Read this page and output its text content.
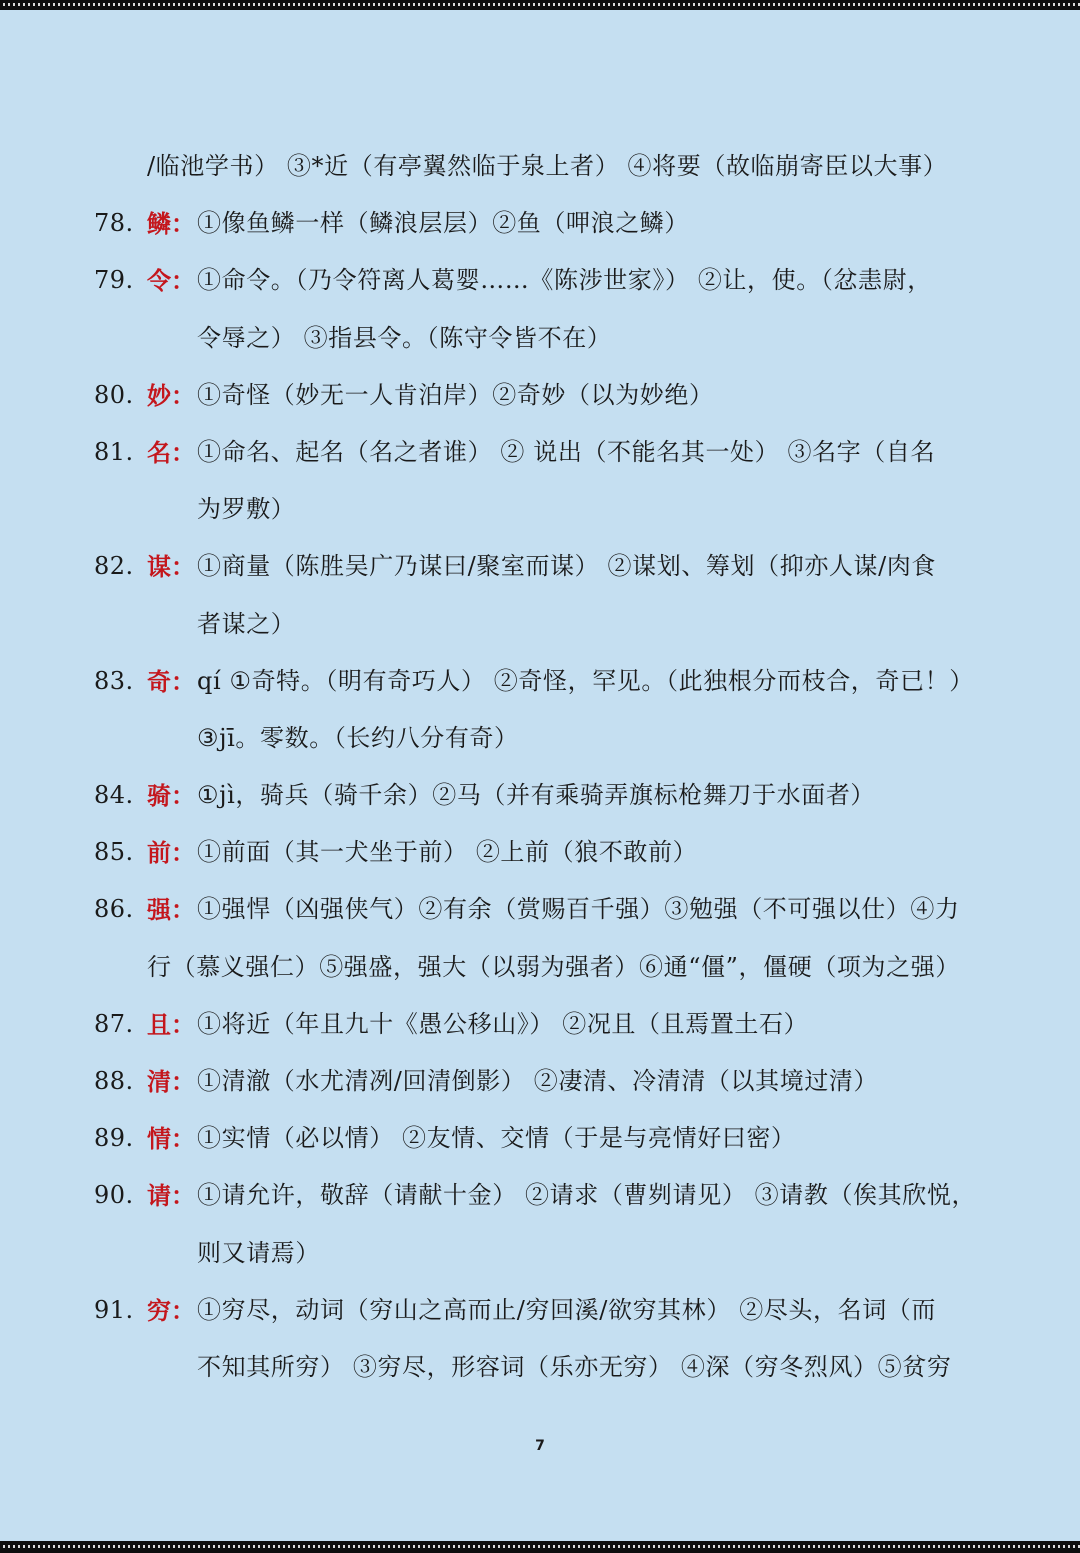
/临池学书） ③*近（有亭翼然临于泉上者） ④将要（故临崩寄臣以大事）
78. 鳞： ①像鱼鳞一样（鳞浪层层）②鱼（呷浪之鳞）
79. 令： ①命令。（乃令符离人葛婴……《陈涉世家》） ②让，使。（忿恚尉，
令辱之） ③指县令。（陈守令皆不在）
80. 妙： ①奇怪（妙无一人肯泊岸）②奇妙（以为妙绝）
81. 名： ①命名、起名（名之者谁） ② 说出（不能名其一处） ③名字（自名
为罗敷）
82. 谋： ①商量（陈胜吴广乃谋曰/聚室而谋） ②谋划、筹划（抑亦人谋/肉食
者谋之）
83. 奇： qí ①奇特。（明有奇巧人） ②奇怪，罕见。（此独根分而枝合，奇已！）
③jī。零数。（长约八分有奇）
84. 骑： ①jì，骑兵（骑千余）②马（并有乘骑弄旗标枪舞刀于水面者）
85. 前： ①前面（其一犬坐于前） ②上前（狼不敢前）
86. 强： ①强悍（凶强侠气）②有余（赏赐百千强）③勉强（不可强以仕）④力
行（慕义强仁）⑤强盛，强大（以弱为强者）⑥通“僵”，僵硬（项为之强）
87. 且： ①将近（年且九十《愚公移山》） ②况且（且焉置土石）
88. 清： ①清澈（水尤清冽/回清倒影） ②凄清、冷清清（以其境过清）
89. 情： ①实情（必以情） ②友情、交情（于是与亮情好曰密）
90. 请： ①请允许，敬辞（请献十金） ②请求（曹刿请见） ③请教（俟其欣悦，
则又请焉）
91. 穷： ①穷尽，动词（穷山之高而止/穷回溪/欲穷其林） ②尽头，名词（而
不知其所穷） ③穷尽，形容词（乐亦无穷） ④深（穷冬烈风）⑤贫穷
7
